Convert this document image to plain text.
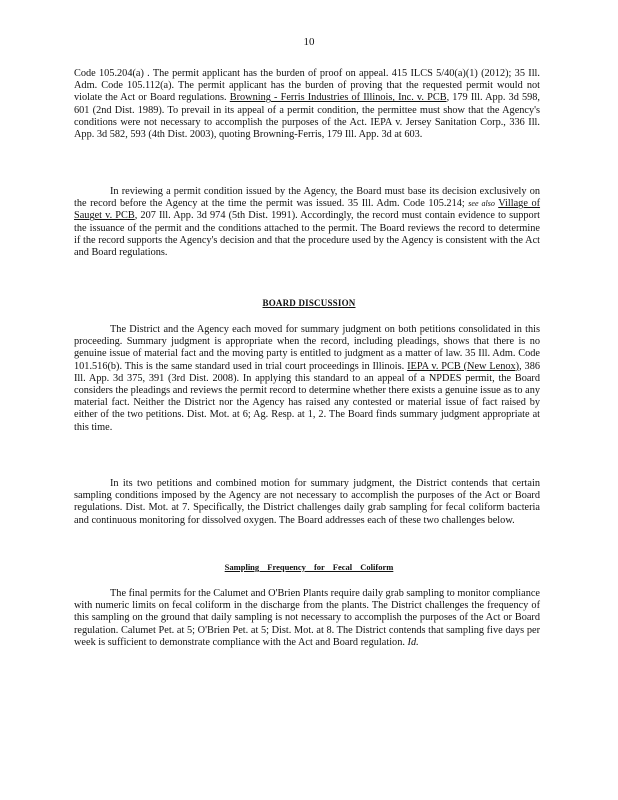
10

Code 105.204(a) . The permit applicant has the burden of proof on appeal. 415 ILCS 5/40(a)(1) (2012); 35 Ill. Adm. Code 105.112(a). The permit applicant has the burden of proving that the requested permit would not violate the Act or Board regulations. Browning - Ferris Industries of Illinois, Inc. v. PCB, 179 Ill. App. 3d 598, 601 (2nd Dist. 1989). To prevail in its appeal of a permit condition, the permittee must show that the Agency's conditions were not necessary to accomplish the purposes of the Act. IEPA v. Jersey Sanitation Corp., 336 Ill. App. 3d 582, 593 (4th Dist. 2003), quoting Browning-Ferris, 179 Ill. App. 3d at 603.

In reviewing a permit condition issued by the Agency, the Board must base its decision exclusively on the record before the Agency at the time the permit was issued. 35 Ill. Adm. Code 105.214; see also Village of Sauget v. PCB, 207 Ill. App. 3d 974 (5th Dist. 1991). Accordingly, the record must contain evidence to support the issuance of the permit and the conditions attached to the permit. The Board reviews the record to determine if the record supports the Agency's decision and that the procedure used by the Agency is consistent with the Act and Board regulations.

BOARD DISCUSSION

The District and the Agency each moved for summary judgment on both petitions consolidated in this proceeding. Summary judgment is appropriate when the record, including pleadings, shows that there is no genuine issue of material fact and the moving party is entitled to judgment as a matter of law. 35 Ill. Adm. Code 101.516(b). This is the same standard used in trial court proceedings in Illinois. IEPA v. PCB (New Lenox), 386 Ill. App. 3d 375, 391 (3rd Dist. 2008). In applying this standard to an appeal of a NPDES permit, the Board considers the pleadings and reviews the permit record to determine whether there exists a genuine issue as to any material fact. Neither the District nor the Agency has raised any contested or material issue of fact raised by either of the two petitions. Dist. Mot. at 6; Ag. Resp. at 1, 2. The Board finds summary judgment appropriate at this time.

In its two petitions and combined motion for summary judgment, the District contends that certain sampling conditions imposed by the Agency are not necessary to accomplish the purposes of the Act or Board regulations. Dist. Mot. at 7. Specifically, the District challenges daily grab sampling for fecal coliform bacteria and continuous monitoring for dissolved oxygen. The Board addresses each of these two challenges below.

Sampling Frequency for Fecal Coliform

The final permits for the Calumet and O'Brien Plants require daily grab sampling to monitor compliance with numeric limits on fecal coliform in the discharge from the plants. The District challenges the frequency of this sampling on the ground that daily sampling is not necessary to accomplish the purposes of the Act or Board regulation. Calumet Pet. at 5; O'Brien Pet. at 5; Dist. Mot. at 8. The District contends that sampling five days per week is sufficient to demonstrate compliance with the Act and Board regulation. Id.
